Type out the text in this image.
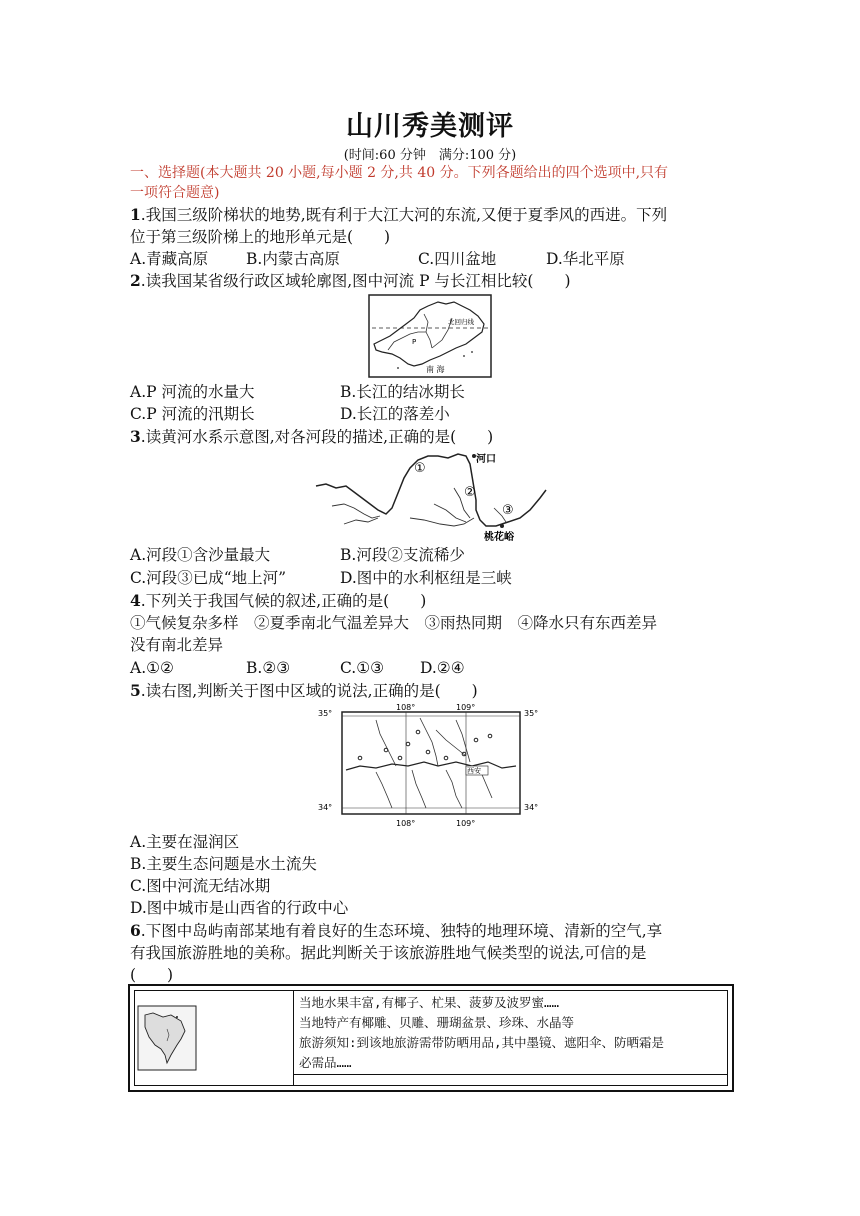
山川秀美测评
(时间:60 分钟　满分:100 分)
一、选择题(本大题共 20 小题,每小题 2 分,共 40 分。下列各题给出的四个选项中,只有
一项符合题意)
1.我国三级阶梯状的地势,既有利于大江大河的东流,又便于夏季风的西进。下列
位于第三级阶梯上的地形单元是(　　)
A.青藏高原 B.内蒙古高原	C.四川盆地	D.华北平原
2.读我国某省级行政区域轮廓图,图中河流 P 与长江相比较(　　)
北回归线
P
南 海
A.P 河流的水量大	B.长江的结冰期长
C.P 河流的汛期长	D.长江的落差小
3.读黄河水系示意图,对各河段的描述,正确的是(　　)
①
②
③
河口
桃花峪
A.河段①含沙量最大	B.河段②支流稀少
C.河段③已成“地上河”	D.图中的水利枢纽是三峡
4.下列关于我国气候的叙述,正确的是(　　)
①气候复杂多样　②夏季南北气温差异大　③雨热同期　④降水只有东西差异
没有南北差异
A.①②	B.②③	C.①③ D.②④
5.读右图,判断关于图中区域的说法,正确的是(　　)
西安
108°	109°
35°	35°
34°	34°
108°	109°
A.主要在湿润区
B.主要生态问题是水土流失
C.图中河流无结冰期
D.图中城市是山西省的行政中心
6.下图中岛屿南部某地有着良好的生态环境、独特的地理环境、清新的空气,享
有我国旅游胜地的美称。据此判断关于该旅游胜地气候类型的说法,可信的是
(　　)
当地水果丰富,有椰子、杧果、菠萝及波罗蜜……
当地特产有椰雕、贝雕、珊瑚盆景、珍珠、水晶等
旅游须知:到该地旅游需带防晒用品,其中墨镜、遮阳伞、防晒霜是
必需品……
